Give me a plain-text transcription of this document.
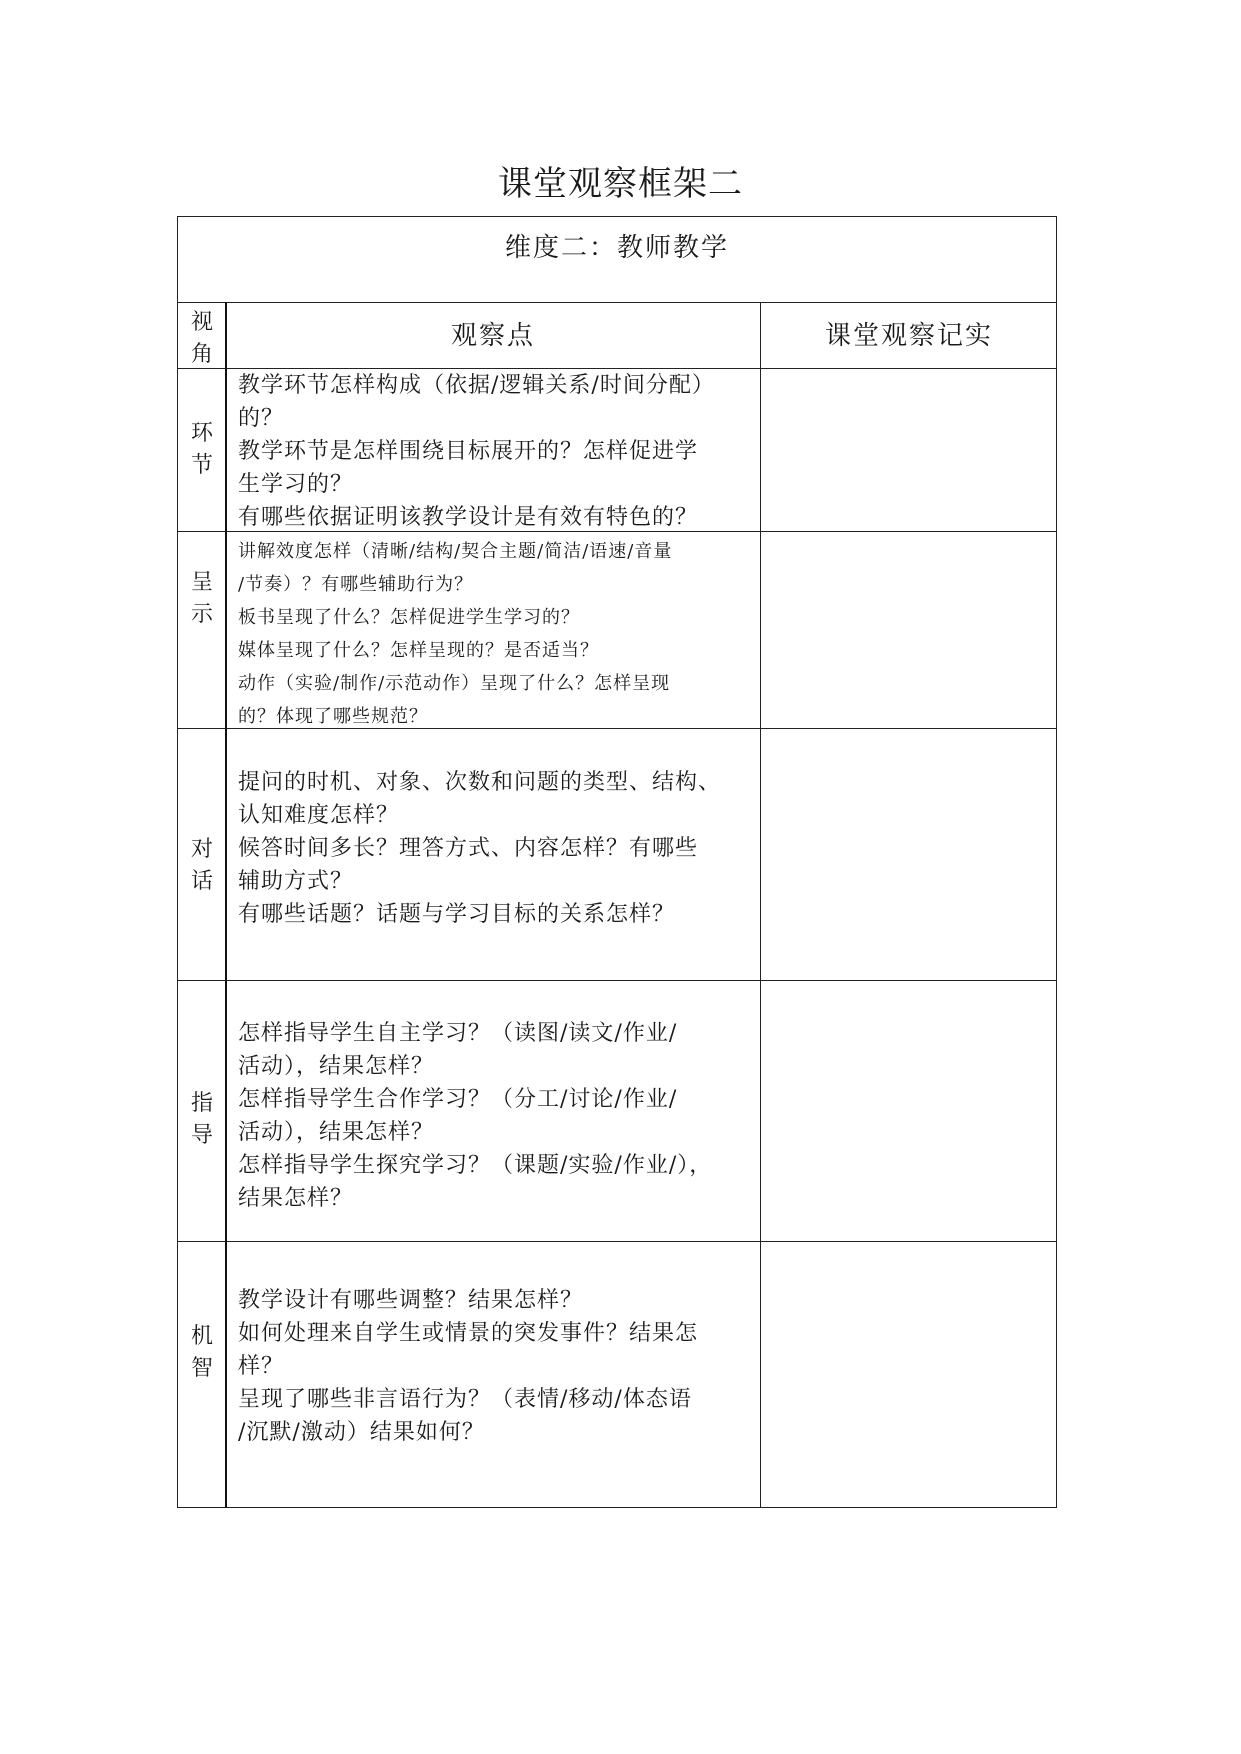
课堂观察框架二
维度二：教师教学
视
角
观察点	课堂观察记实
环
节

教学环节怎样构成（依据/逻辑关系/时间分配）

的？

教学环节是怎样围绕目标展开的？怎样促进学

生学习的？

有哪些依据证明该教学设计是有效有特色的？

呈
示

讲解效度怎样（清晰/结构/契合主题/简洁/语速/音量

/节奏）？有哪些辅助行为？

板书呈现了什么？怎样促进学生学习的？

媒体呈现了什么？怎样呈现的？是否适当？

动作（实验/制作/示范动作）呈现了什么？怎样呈现

的？体现了哪些规范？

对
话

提问的时机、对象、次数和问题的类型、结构、

认知难度怎样？

候答时间多长？理答方式、内容怎样？有哪些

辅助方式？

有哪些话题？话题与学习目标的关系怎样？

指
导

怎样指导学生自主学习？（读图/读文/作业/

活动），结果怎样？

怎样指导学生合作学习？（分工/讨论/作业/

活动），结果怎样？

怎样指导学生探究学习？（课题/实验/作业/），

结果怎样？

机
智

教学设计有哪些调整？结果怎样？

如何处理来自学生或情景的突发事件？结果怎

样？

呈现了哪些非言语行为？（表情/移动/体态语

/沉默/激动）结果如何？
